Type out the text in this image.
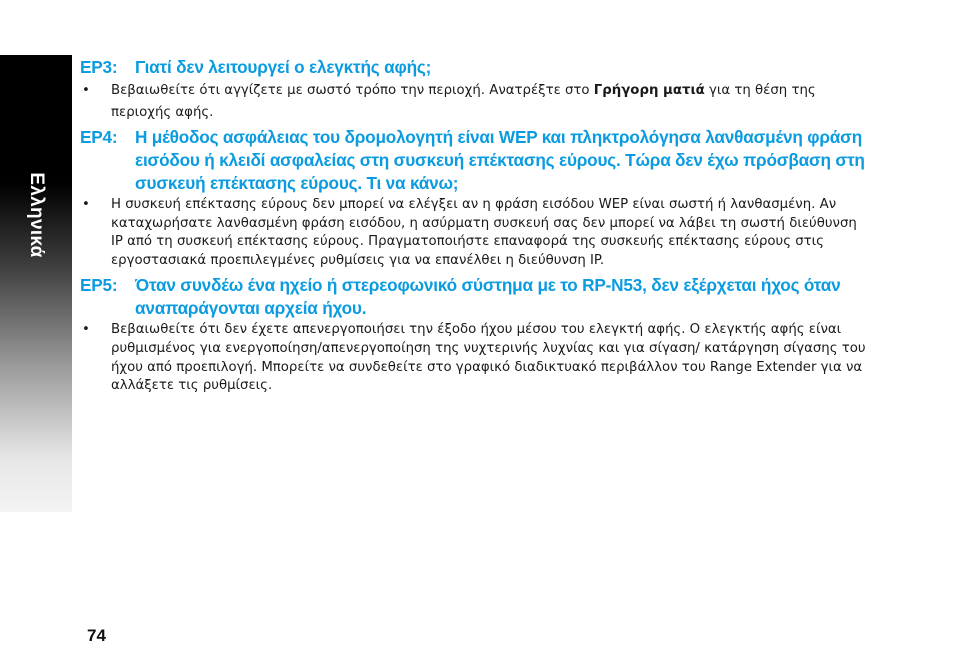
Ελληνικά
EP3:	Γιατί δεν λειτουργεί ο ελεγκτής αφής;
•	Βεβαιωθείτε ότι αγγίζετε με σωστό τρόπο την περιοχή. Ανατρέξτε στο Γρήγορη ματιά για τη θέση της περιοχής αφής.
EP4:	Η μέθοδος ασφάλειας του δρομολογητή είναι WEP και πληκτρολόγησα λανθασμένη φράση εισόδου ή κλειδί ασφαλείας στη συσκευή επέκτασης εύρους. Τώρα δεν έχω πρόσβαση στη συσκευή επέκτασης εύρους. Τι να κάνω;
•	Η συσκευή επέκτασης εύρους δεν μπορεί να ελέγξει αν η φράση εισόδου WEP είναι σωστή ή λανθασμένη. Αν καταχωρήσατε λανθασμένη φράση εισόδου, η ασύρματη συσκευή σας δεν μπορεί να λάβει τη σωστή διεύθυνση IP από τη συσκευή επέκτασης εύρους. Πραγματοποιήστε επαναφορά της συσκευής επέκτασης εύρους στις εργοστασιακά προεπιλεγμένες ρυθμίσεις για να επανέλθει η διεύθυνση IP.
EP5:	Όταν συνδέω ένα ηχείο ή στερεοφωνικό σύστημα με το RP-N53, δεν εξέρχεται ήχος όταν αναπαράγονται αρχεία ήχου.
•	Βεβαιωθείτε ότι δεν έχετε απενεργοποιήσει την έξοδο ήχου μέσου του ελεγκτή αφής. Ο ελεγκτής αφής είναι ρυθμισμένος για ενεργοποίηση/απενεργοποίηση της νυχτερινής λυχνίας και για σίγαση/ κατάργηση σίγασης του ήχου από προεπιλογή. Μπορείτε να συνδεθείτε στο γραφικό διαδικτυακό περιβάλλον του Range Extender για να αλλάξετε τις ρυθμίσεις.
74
